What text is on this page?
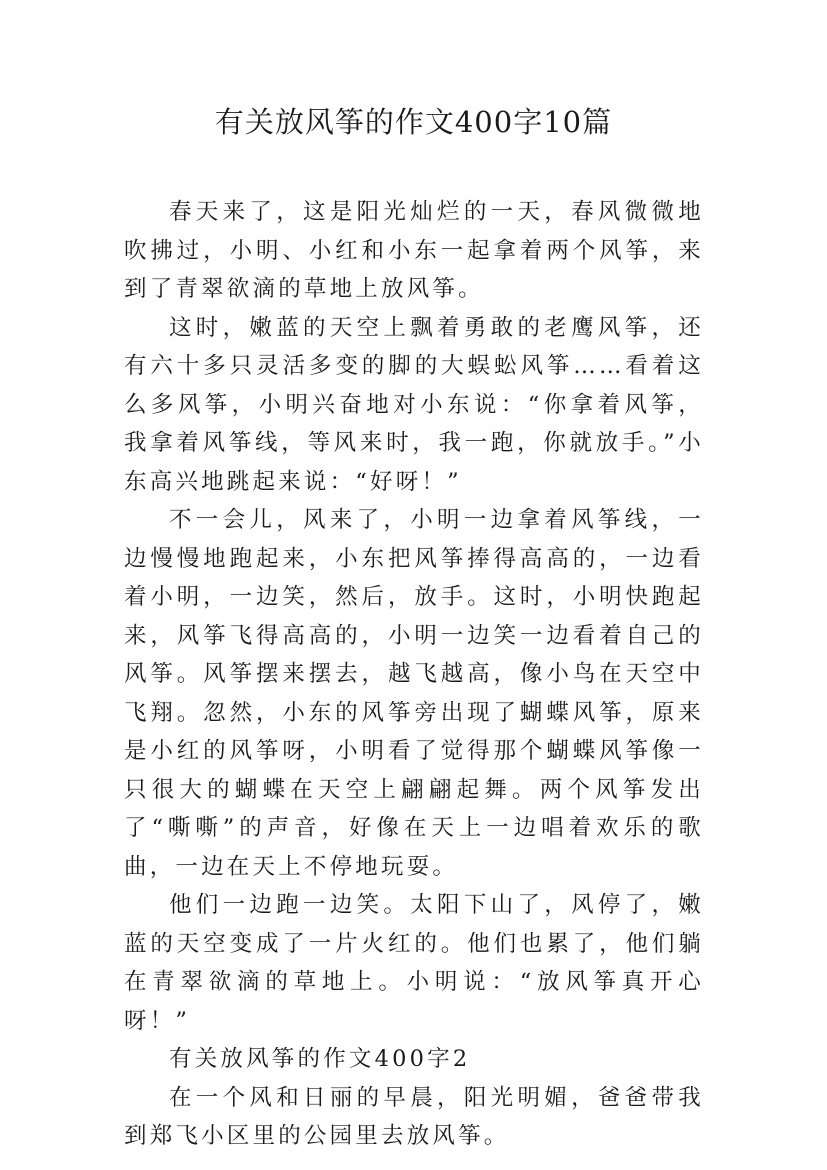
有关放风筝的作文400字10篇

春天来了，这是阳光灿烂的一天，春风微微地吹拂过，小明、小红和小东一起拿着两个风筝，来到了青翠欲滴的草地上放风筝。

这时，嫩蓝的天空上飘着勇敢的老鹰风筝，还有六十多只灵活多变的脚的大蜈蚣风筝……看着这么多风筝，小明兴奋地对小东说：“你拿着风筝，我拿着风筝线，等风来时，我一跑，你就放手。”小东高兴地跳起来说：“好呀！”

不一会儿，风来了，小明一边拿着风筝线，一边慢慢地跑起来，小东把风筝捧得高高的，一边看着小明，一边笑，然后，放手。这时，小明快跑起来，风筝飞得高高的，小明一边笑一边看着自己的风筝。风筝摆来摆去，越飞越高，像小鸟在天空中飞翔。忽然，小东的风筝旁出现了蝴蝶风筝，原来是小红的风筝呀，小明看了觉得那个蝴蝶风筝像一只很大的蝴蝶在天空上翩翩起舞。两个风筝发出了“嘶嘶”的声音，好像在天上一边唱着欢乐的歌曲，一边在天上不停地玩耍。

他们一边跑一边笑。太阳下山了，风停了，嫩蓝的天空变成了一片火红的。他们也累了，他们躺在青翠欲滴的草地上。小明说：“放风筝真开心呀！”

有关放风筝的作文400字2

在一个风和日丽的早晨，阳光明媚，爸爸带我到郑飞小区里的公园里去放风筝。
